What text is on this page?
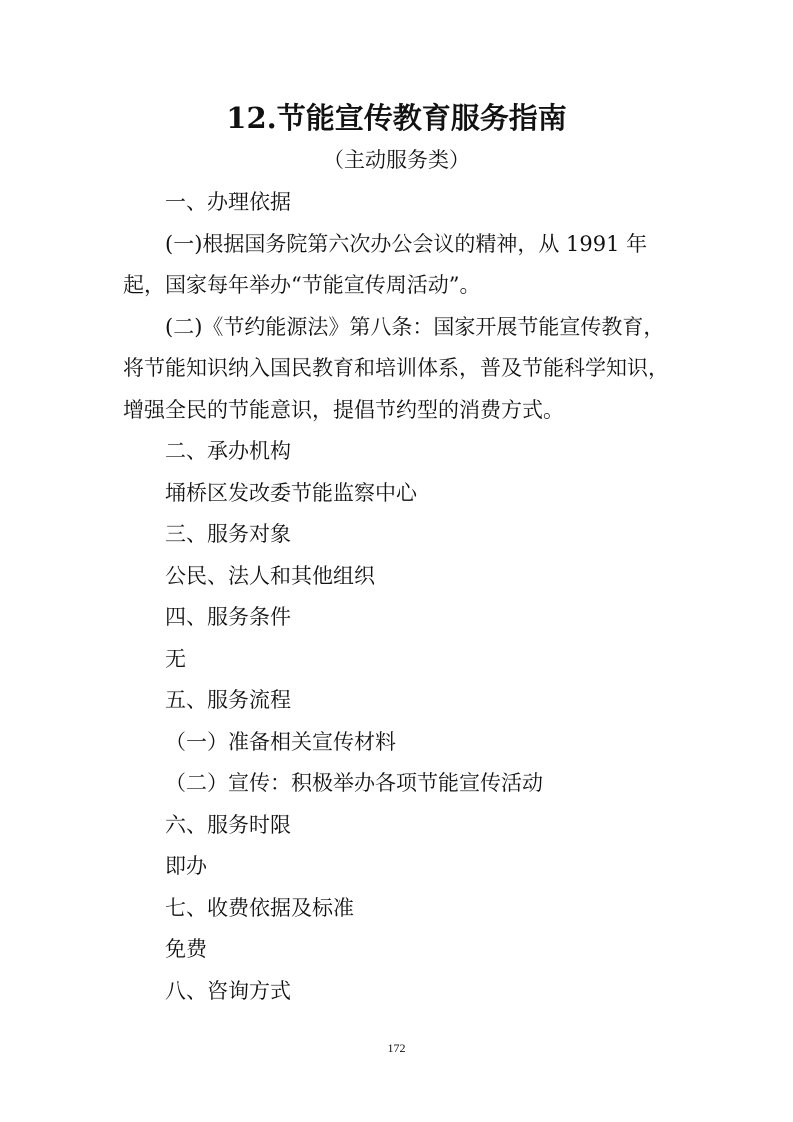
12.节能宣传教育服务指南
（主动服务类）

一、办理依据

(一)根据国务院第六次办公会议的精神，从 1991 年起，国家每年举办“节能宣传周活动”。

(二)《节约能源法》第八条：国家开展节能宣传教育，将节能知识纳入国民教育和培训体系，普及节能科学知识，增强全民的节能意识，提倡节约型的消费方式。

二、承办机构

埇桥区发改委节能监察中心

三、服务对象

公民、法人和其他组织

四、服务条件

无

五、服务流程

（一）准备相关宣传材料

（二）宣传：积极举办各项节能宣传活动

六、服务时限

即办

七、收费依据及标准

免费

八、咨询方式

172
